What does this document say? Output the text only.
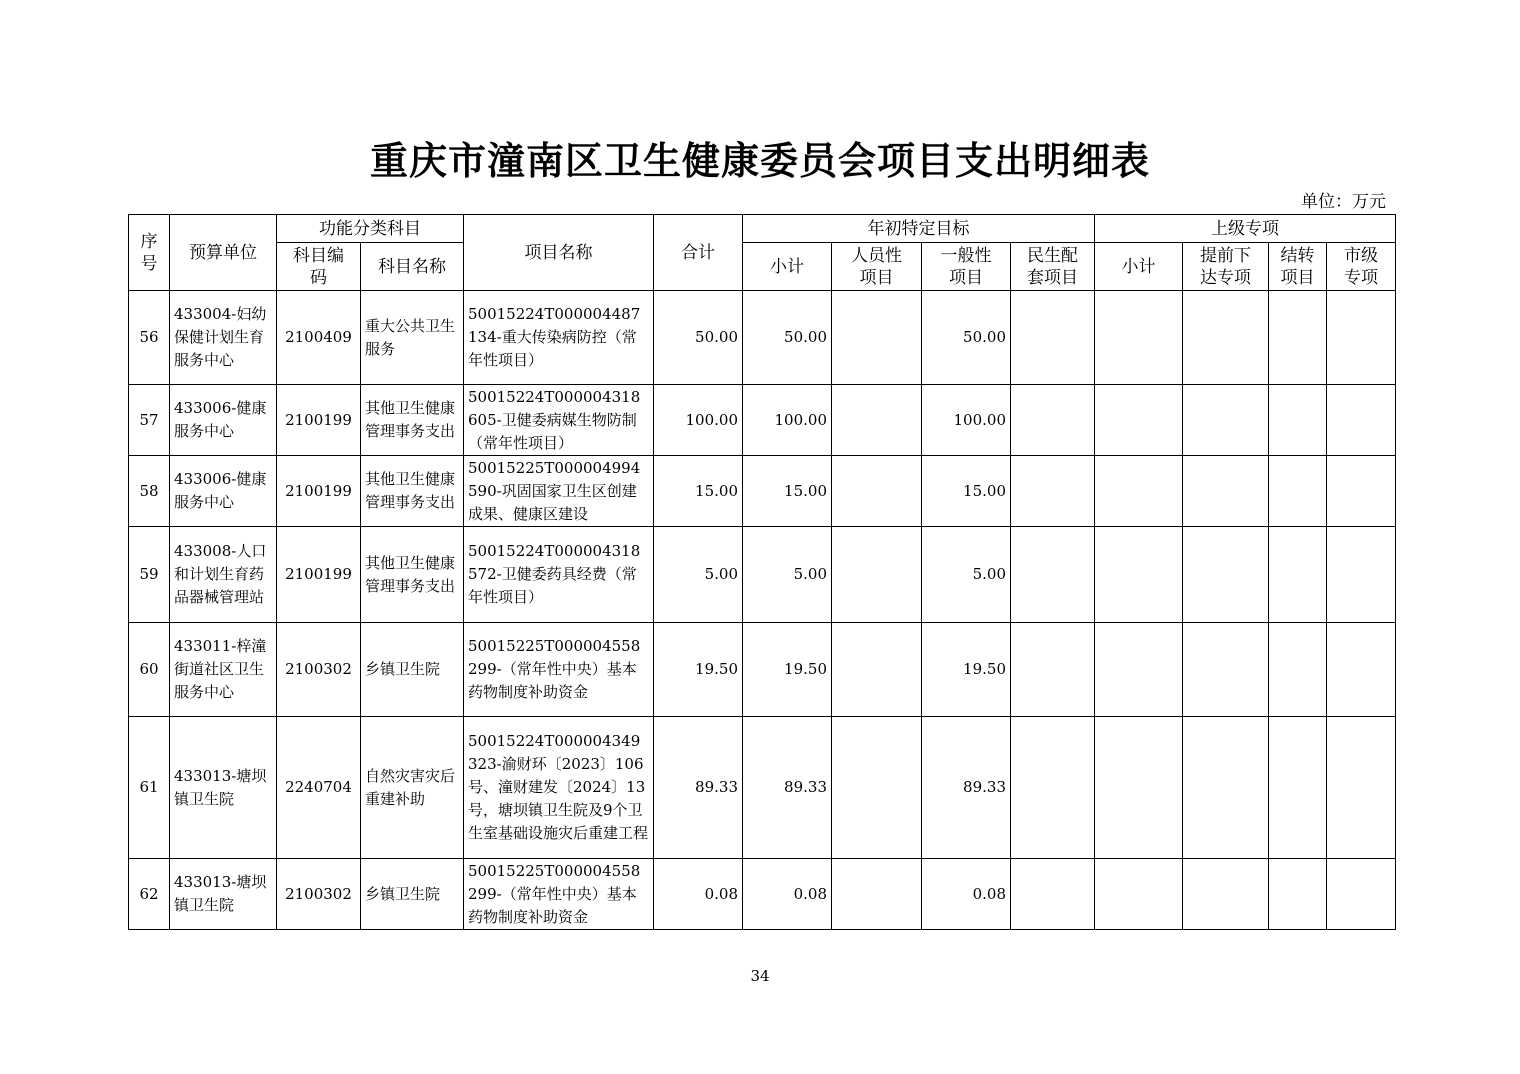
重庆市潼南区卫生健康委员会项目支出明细表
单位：万元
序号	预算单位	功能分类科目		项目名称	合计	年初特定目标				上级专项			
		科目编码	科目名称			小计	人员性项目	一般性项目	民生配套项目	小计	提前下达专项	结转项目	市级专项
56	433004-妇幼保健计划生育服务中心	2100409	重大公共卫生服务	50015224T000004487134-重大传染病防控（常年性项目）	50.00	50.00		50.00					
57	433006-健康服务中心	2100199	其他卫生健康管理事务支出	50015224T000004318605-卫健委病媒生物防制（常年性项目）	100.00	100.00		100.00					
58	433006-健康服务中心	2100199	其他卫生健康管理事务支出	50015225T000004994590-巩固国家卫生区创建成果、健康区建设	15.00	15.00		15.00					
59	433008-人口和计划生育药品器械管理站	2100199	其他卫生健康管理事务支出	50015224T000004318572-卫健委药具经费（常年性项目）	5.00	5.00		5.00					
60	433011-梓潼街道社区卫生服务中心	2100302	乡镇卫生院	50015225T000004558299-（常年性中央）基本药物制度补助资金	19.50	19.50		19.50					
61	433013-塘坝镇卫生院	2240704	自然灾害灾后重建补助	50015224T000004349323-渝财环〔2023〕106号、潼财建发〔2024〕13号，塘坝镇卫生院及9个卫生室基础设施灾后重建工程	89.33	89.33		89.33					
62	433013-塘坝镇卫生院	2100302	乡镇卫生院	50015225T000004558299-（常年性中央）基本药物制度补助资金	0.08	0.08		0.08					
34
